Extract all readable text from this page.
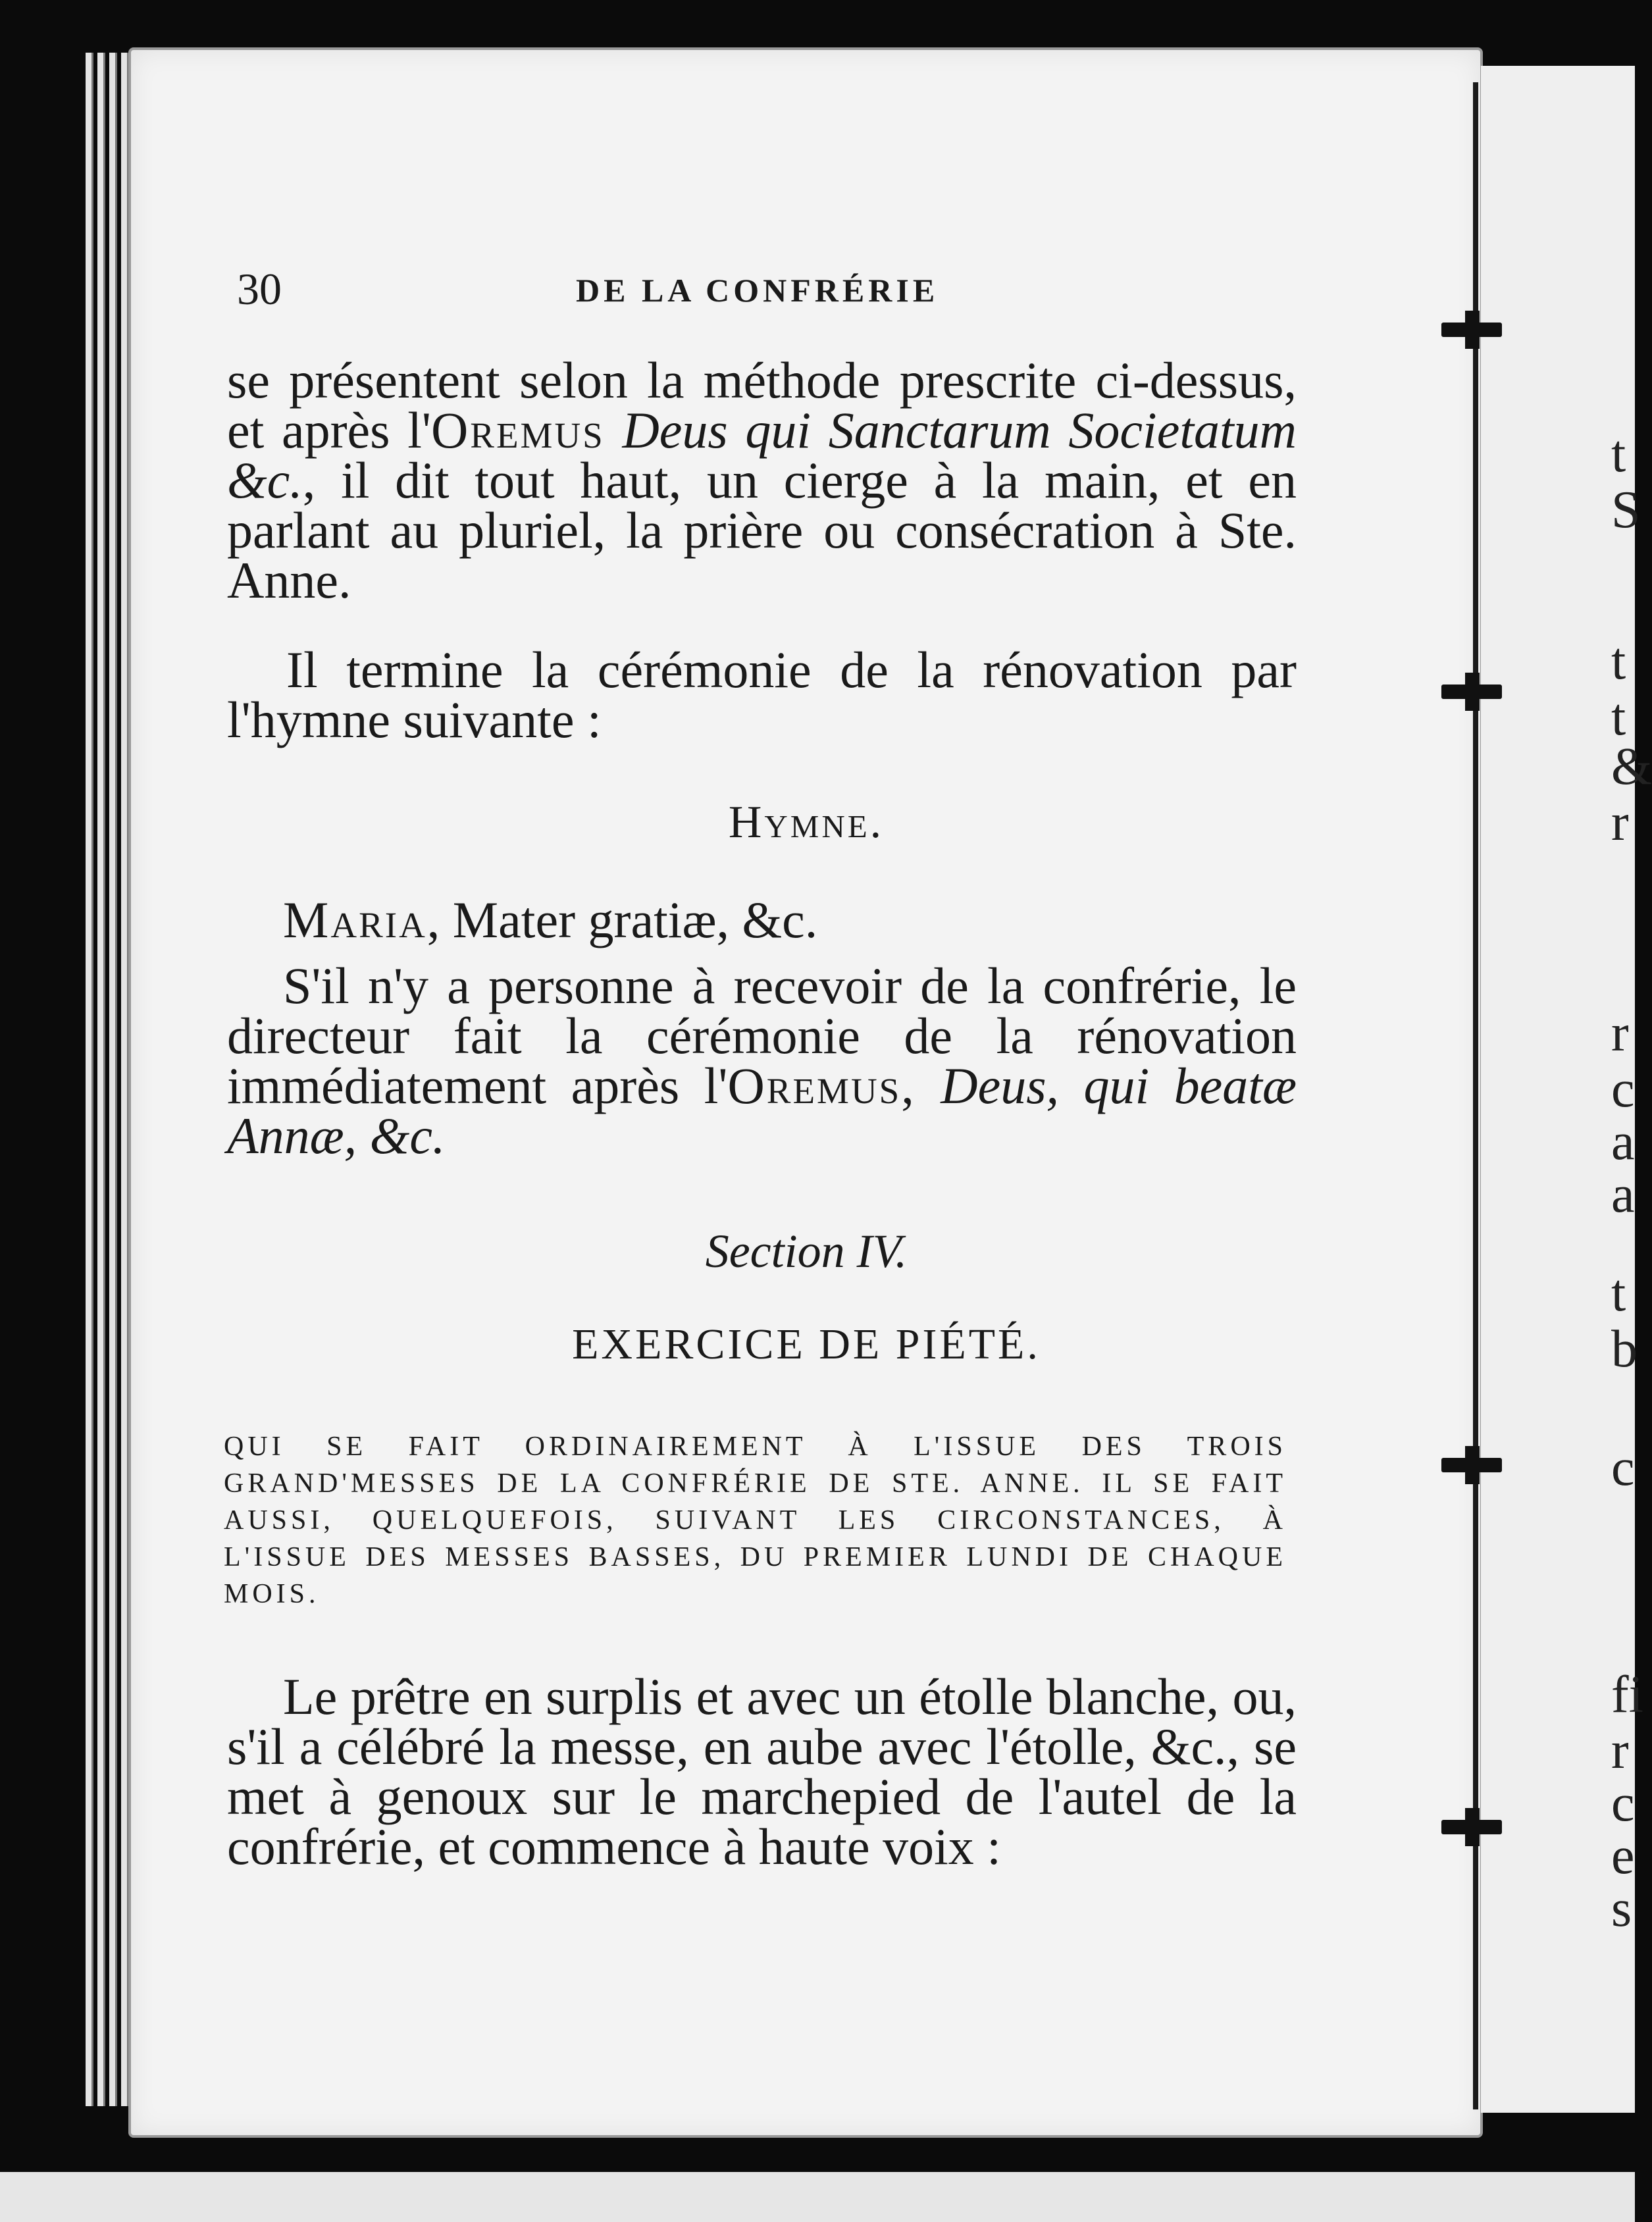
t
S
t
t
&
r
r
c
a
a
t
b
c
fi
r
c
e
s
30	DE LA CONFRÉRIE
se présentent selon la méthode prescrite ci-dessus, et après l'Oremus Deus qui Sanctarum Societatum &c., il dit tout haut, un cierge à la main, et en parlant au pluriel, la prière ou consécration à Ste. Anne.
Il termine la cérémonie de la rénovation par l'hymne suivante :
Hymne.
Maria, Mater gratiæ, &c.
S'il n'y a personne à recevoir de la confrérie, le directeur fait la cérémonie de la rénovation immédiatement après l'Oremus, Deus, qui beatæ Annæ, &c.
Section IV.
EXERCICE DE PIÉTÉ.
QUI SE FAIT ORDINAIREMENT À L'ISSUE DES TROIS GRAND'MESSES DE LA CONFRÉRIE DE STE. ANNE. IL SE FAIT AUSSI, QUELQUEFOIS, SUIVANT LES CIRCONSTANCES, À L'ISSUE DES MESSES BASSES, DU PREMIER LUNDI DE CHAQUE MOIS.
Le prêtre en surplis et avec un étolle blanche, ou, s'il a célébré la messe, en aube avec l'étolle, &c., se met à genoux sur le marchepied de l'autel de la confrérie, et commence à haute voix :
